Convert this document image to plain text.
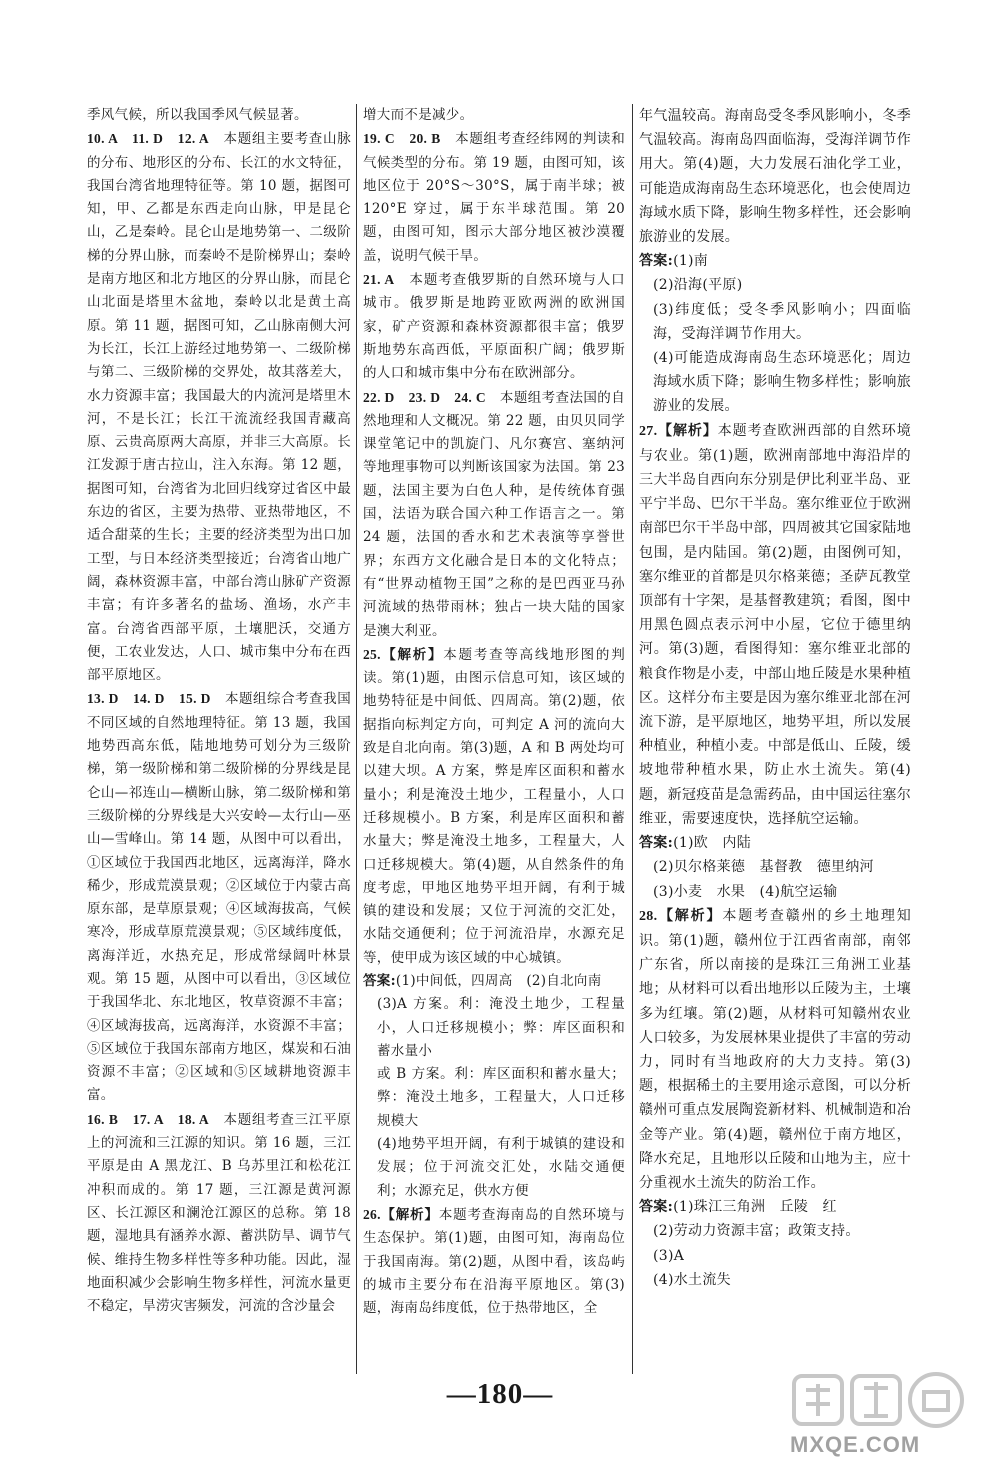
季风气候，所以我国季风气候显著。

10. A　11. D　12. A　本题组主要考查山脉的分布、地形区的分布、长江的水文特征，我国台湾省地理特征等。第 10 题，据图可知，甲、乙都是东西走向山脉，甲是昆仑山，乙是秦岭。昆仑山是地势第一、二级阶梯的分界山脉，而秦岭不是阶梯界山；秦岭是南方地区和北方地区的分界山脉，而昆仑山北面是塔里木盆地，秦岭以北是黄土高原。第 11 题，据图可知，乙山脉南侧大河为长江，长江上游经过地势第一、二级阶梯与第二、三级阶梯的交界处，故其落差大，水力资源丰富；我国最大的内流河是塔里木河，不是长江；长江干流流经我国青藏高原、云贵高原两大高原，并非三大高原。长江发源于唐古拉山，注入东海。第 12 题，据图可知，台湾省为北回归线穿过省区中最东边的省区，主要为热带、亚热带地区，不适合甜菜的生长；主要的经济类型为出口加工型，与日本经济类型接近；台湾省山地广阔，森林资源丰富，中部台湾山脉矿产资源丰富；有许多著名的盐场、渔场，水产丰富。台湾省西部平原，土壤肥沃，交通方便，工农业发达，人口、城市集中分布在西部平原地区。

13. D　14. D　15. D　本题组综合考查我国不同区域的自然地理特征。第 13 题，我国地势西高东低，陆地地势可划分为三级阶梯，第一级阶梯和第二级阶梯的分界线是昆仑山—祁连山—横断山脉，第二级阶梯和第三级阶梯的分界线是大兴安岭—太行山—巫山—雪峰山。第 14 题，从图中可以看出，①区域位于我国西北地区，远离海洋，降水稀少，形成荒漠景观；②区域位于内蒙古高原东部，是草原景观；④区域海拔高，气候寒冷，形成草原荒漠景观；⑤区域纬度低，离海洋近，水热充足，形成常绿阔叶林景观。第 15 题，从图中可以看出，③区域位于我国华北、东北地区，牧草资源不丰富；④区域海拔高，远离海洋，水资源不丰富；⑤区域位于我国东部南方地区，煤炭和石油资源不丰富；②区域和⑤区域耕地资源丰富。

16. B　17. A　18. A　本题组考查三江平原上的河流和三江源的知识。第 16 题，三江平原是由 A 黑龙江、B 乌苏里江和松花江冲积而成的。第 17 题，三江源是黄河源区、长江源区和澜沧江源区的总称。第 18 题，湿地具有涵养水源、蓄洪防旱、调节气候、维持生物多样性等多种功能。因此，湿地面积减少会影响生物多样性，河流水量更不稳定，旱涝灾害频发，河流的含沙量会

增大而不是减少。

19. C　20. B　本题组考查经纬网的判读和气候类型的分布。第 19 题，由图可知，该地区位于 20°S～30°S，属于南半球；被 120°E 穿过，属于东半球范围。第 20 题，由图可知，图示大部分地区被沙漠覆盖，说明气候干旱。

21. A　本题考查俄罗斯的自然环境与人口城市。俄罗斯是地跨亚欧两洲的欧洲国家，矿产资源和森林资源都很丰富；俄罗斯地势东高西低，平原面积广阔；俄罗斯的人口和城市集中分布在欧洲部分。

22. D　23. D　24. C　本题组考查法国的自然地理和人文概况。第 22 题，由贝贝同学课堂笔记中的凯旋门、凡尔赛宫、塞纳河等地理事物可以判断该国家为法国。第 23 题，法国主要为白色人种，是传统体育强国，法语为联合国六种工作语言之一。第 24 题，法国的香水和艺术表演等享誉世界；东西方文化融合是日本的文化特点；有“世界动植物王国”之称的是巴西亚马孙河流域的热带雨林；独占一块大陆的国家是澳大利亚。

25.【解析】本题考查等高线地形图的判读。第(1)题，由图示信息可知，该区域的地势特征是中间低、四周高。第(2)题，依据指向标判定方向，可判定 A 河的流向大致是自北向南。第(3)题，A 和 B 两处均可以建大坝。A 方案，弊是库区面积和蓄水量小；利是淹没土地少，工程量小，人口迁移规模小。B 方案，利是库区面积和蓄水量大；弊是淹没土地多，工程量大，人口迁移规模大。第(4)题，从自然条件的角度考虑，甲地区地势平坦开阔，有利于城镇的建设和发展；又位于河流的交汇处，水陆交通便利；位于河流沿岸，水源充足等，使甲成为该区域的中心城镇。

答案:(1)中间低，四周高　(2)自北向南

(3)A 方案。利：淹没土地少，工程量小，人口迁移规模小；弊：库区面积和蓄水量小

或 B 方案。利：库区面积和蓄水量大；弊：淹没土地多，工程量大，人口迁移规模大

(4)地势平坦开阔，有利于城镇的建设和发展；位于河流交汇处，水陆交通便利；水源充足，供水方便

26.【解析】本题考查海南岛的自然环境与生态保护。第(1)题，由图可知，海南岛位于我国南海。第(2)题，从图中看，该岛屿的城市主要分布在沿海平原地区。第(3)题，海南岛纬度低，位于热带地区，全

年气温较高。海南岛受冬季风影响小，冬季气温较高。海南岛四面临海，受海洋调节作用大。第(4)题，大力发展石油化学工业，可能造成海南岛生态环境恶化，也会使周边海域水质下降，影响生物多样性，还会影响旅游业的发展。

答案:(1)南

(2)沿海(平原)

(3)纬度低；受冬季风影响小；四面临海，受海洋调节作用大。

(4)可能造成海南岛生态环境恶化；周边海域水质下降；影响生物多样性；影响旅游业的发展。

27.【解析】本题考查欧洲西部的自然环境与农业。第(1)题，欧洲南部地中海沿岸的三大半岛自西向东分别是伊比利亚半岛、亚平宁半岛、巴尔干半岛。塞尔维亚位于欧洲南部巴尔干半岛中部，四周被其它国家陆地包围，是内陆国。第(2)题，由图例可知，塞尔维亚的首都是贝尔格莱德；圣萨瓦教堂顶部有十字架，是基督教建筑；看图，图中用黑色圆点表示河中小屋，它位于德里纳河。第(3)题，看图得知：塞尔维亚北部的粮食作物是小麦，中部山地丘陵是水果种植区。这样分布主要是因为塞尔维亚北部在河流下游，是平原地区，地势平坦，所以发展种植业，种植小麦。中部是低山、丘陵，缓坡地带种植水果，防止水土流失。第(4)题，新冠疫苗是急需药品，由中国运往塞尔维亚，需要速度快，选择航空运输。

答案:(1)欧　内陆

(2)贝尔格莱德　基督教　德里纳河

(3)小麦　水果　(4)航空运输

28.【解析】本题考查赣州的乡土地理知识。第(1)题，赣州位于江西省南部，南邻广东省，所以南接的是珠江三角洲工业基地；从材料可以看出地形以丘陵为主，土壤多为红壤。第(2)题，从材料可知赣州农业人口较多，为发展林果业提供了丰富的劳动力，同时有当地政府的大力支持。第(3)题，根据稀土的主要用途示意图，可以分析赣州可重点发展陶瓷新材料、机械制造和冶金等产业。第(4)题，赣州位于南方地区，降水充足，且地形以丘陵和山地为主，应十分重视水土流失的防治工作。

答案:(1)珠江三角洲　丘陵　红

(2)劳动力资源丰富；政策支持。

(3)A

(4)水土流失

—180—
MXQE.COM
